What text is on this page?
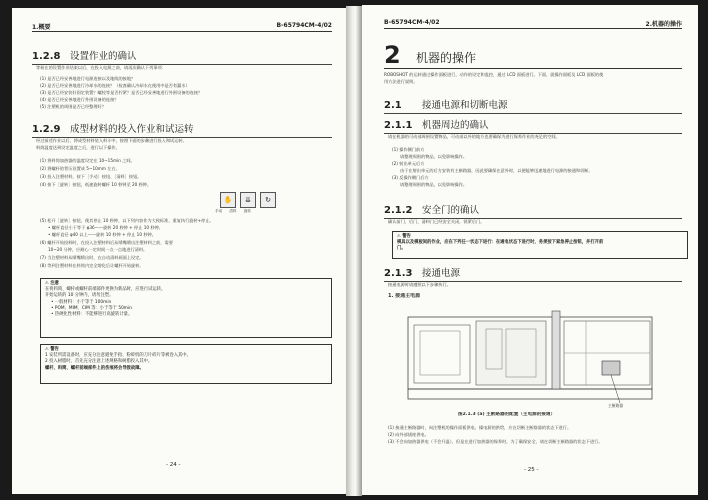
1.概要	B-65794CM-4/02
1.2.8 设置作业的确认
等候在的设置作业结束以后，在投入电源之前，请再次确认下列事项：
(1) 是否已经妥善地进行电源连接以及地线的接地？
(2) 是否已经妥善地进行冷却水的连接？（检查确认冷却水在使用中是否有漏水）
(3) 是否已经安装好固定装置？螺栓等是否拧紧？是否已经妥善地进行外围设备的连接？
(4) 是否已经妥善地进行外围设备的连接？
(5) 注塑机的周围是否已经整理好？
1.2.9 成型材料的投入作业和试运转
经过前述作业以后，将成型材料装入料斗中，按照下面的步骤进行投入和试运转。
料筒温度达到设定温度之后，进行以下操作。
(1) 将料筒加热器的温度设定在 10~15min 之间。
(2) 将螺杆的背压设置成 5~10mm 左右。
(3) 投入注塑材料，按下［手动］按钮、［清料］按钮。
(4) 按下［旋转］按钮，低速旋转螺杆 10 秒钟至 20 秒钟。
✋	⇊	↻
手动　　 清料　　 旋转
(5) 松开［旋转］按钮，使其停止 10 秒钟，以下列内容作为大致标准，重复执行旋转+停止。
• 螺杆直径小于等于 φ36——旋转 20 秒钟 + 停止 10 秒钟。
• 螺杆直径 φ40 以上——旋转 10 秒钟 + 停止 10 秒钟。
(6) 螺杆开始投料时，在投入注塑材料后从喷嘴喷出注塑材料之前，需要
10~20 分钟，应耐心一定时间一点一点地进行清料。
(7) 当注塑材料从喷嘴喷出时，在自动清料画面上设定。
(8) 等到注塑材料在料筒内完全熔化后让螺杆开始旋转。
⚠ 注意
在将料筒、螺杆或螺杆前端部件更换为新品时，应进行试运转。
开始运转的 10 分钟内，请勿注塑。
• 一般材料：小于等于 100min
• POM、MIM、CIM 等：小于等于 50min
• 热硬化性材料：不能够进行高旋转计量。
⚠ 警告
1 安装所需设备时，应充分注意避免手指、粉碎机的刀片碎片等被卷入其中。
2 投入树脂时，首先充分注意上述规格和树脂投入其中。
螺杆、料筒、螺杆前端部件上的伤痕将会导致故障。
- 24 -
B-65794CM-4/02	2.机器的操作
2 机器的操作
ROBOSHOT 的运转通过操作面板进行，动作的设定和监控，通过 LCD 面板进行。下面，就操作面板及 LCD 面板的使
用方法进行说明。
2.1 接通电源和切断电源
2.1.1 机器周边的确认
请在机器的可动部周围设置物品，可动部以外的地方也要确保为进行保养作业的充足的空间。
(1) 操作侧门前方
请整理周围的物品，以免影响操作。
(2) 射出单元后方
由于在射出单元的后方安装有主断路器，因此要确保在意外时，以便能够迅速地进行电源的接通和切断。
(3) 反操作侧门后方
请整理周围的物品，以免影响操作。
2.1.2 安全门的确认
确认前门、后门、清料门已经安全关闭，锁紧后门。
⚠ 警告
模具以及模板间的作业，应在下列任一状态下进行：在通电状态下进行时，务须按下紧急停止按钮，并打开前
门。
2.1.3 接通电源
接通电源时请遵照以下步骤执行。
1. 接通主电源
主断路器
图2.1.3 (a) 主断路器的配置（主电源的接通）
(1) 接通主断路器时，向注塑机的操作面板供电，操电源的供给，应在切断主断路器的状态下进行。
(2) 向外部插座供电。
(3) 不会向加热器供电（不会升温），但是在进行加热器的保养时，为了确保安全，请在切断主断路器的状态下进行。
- 25 -
